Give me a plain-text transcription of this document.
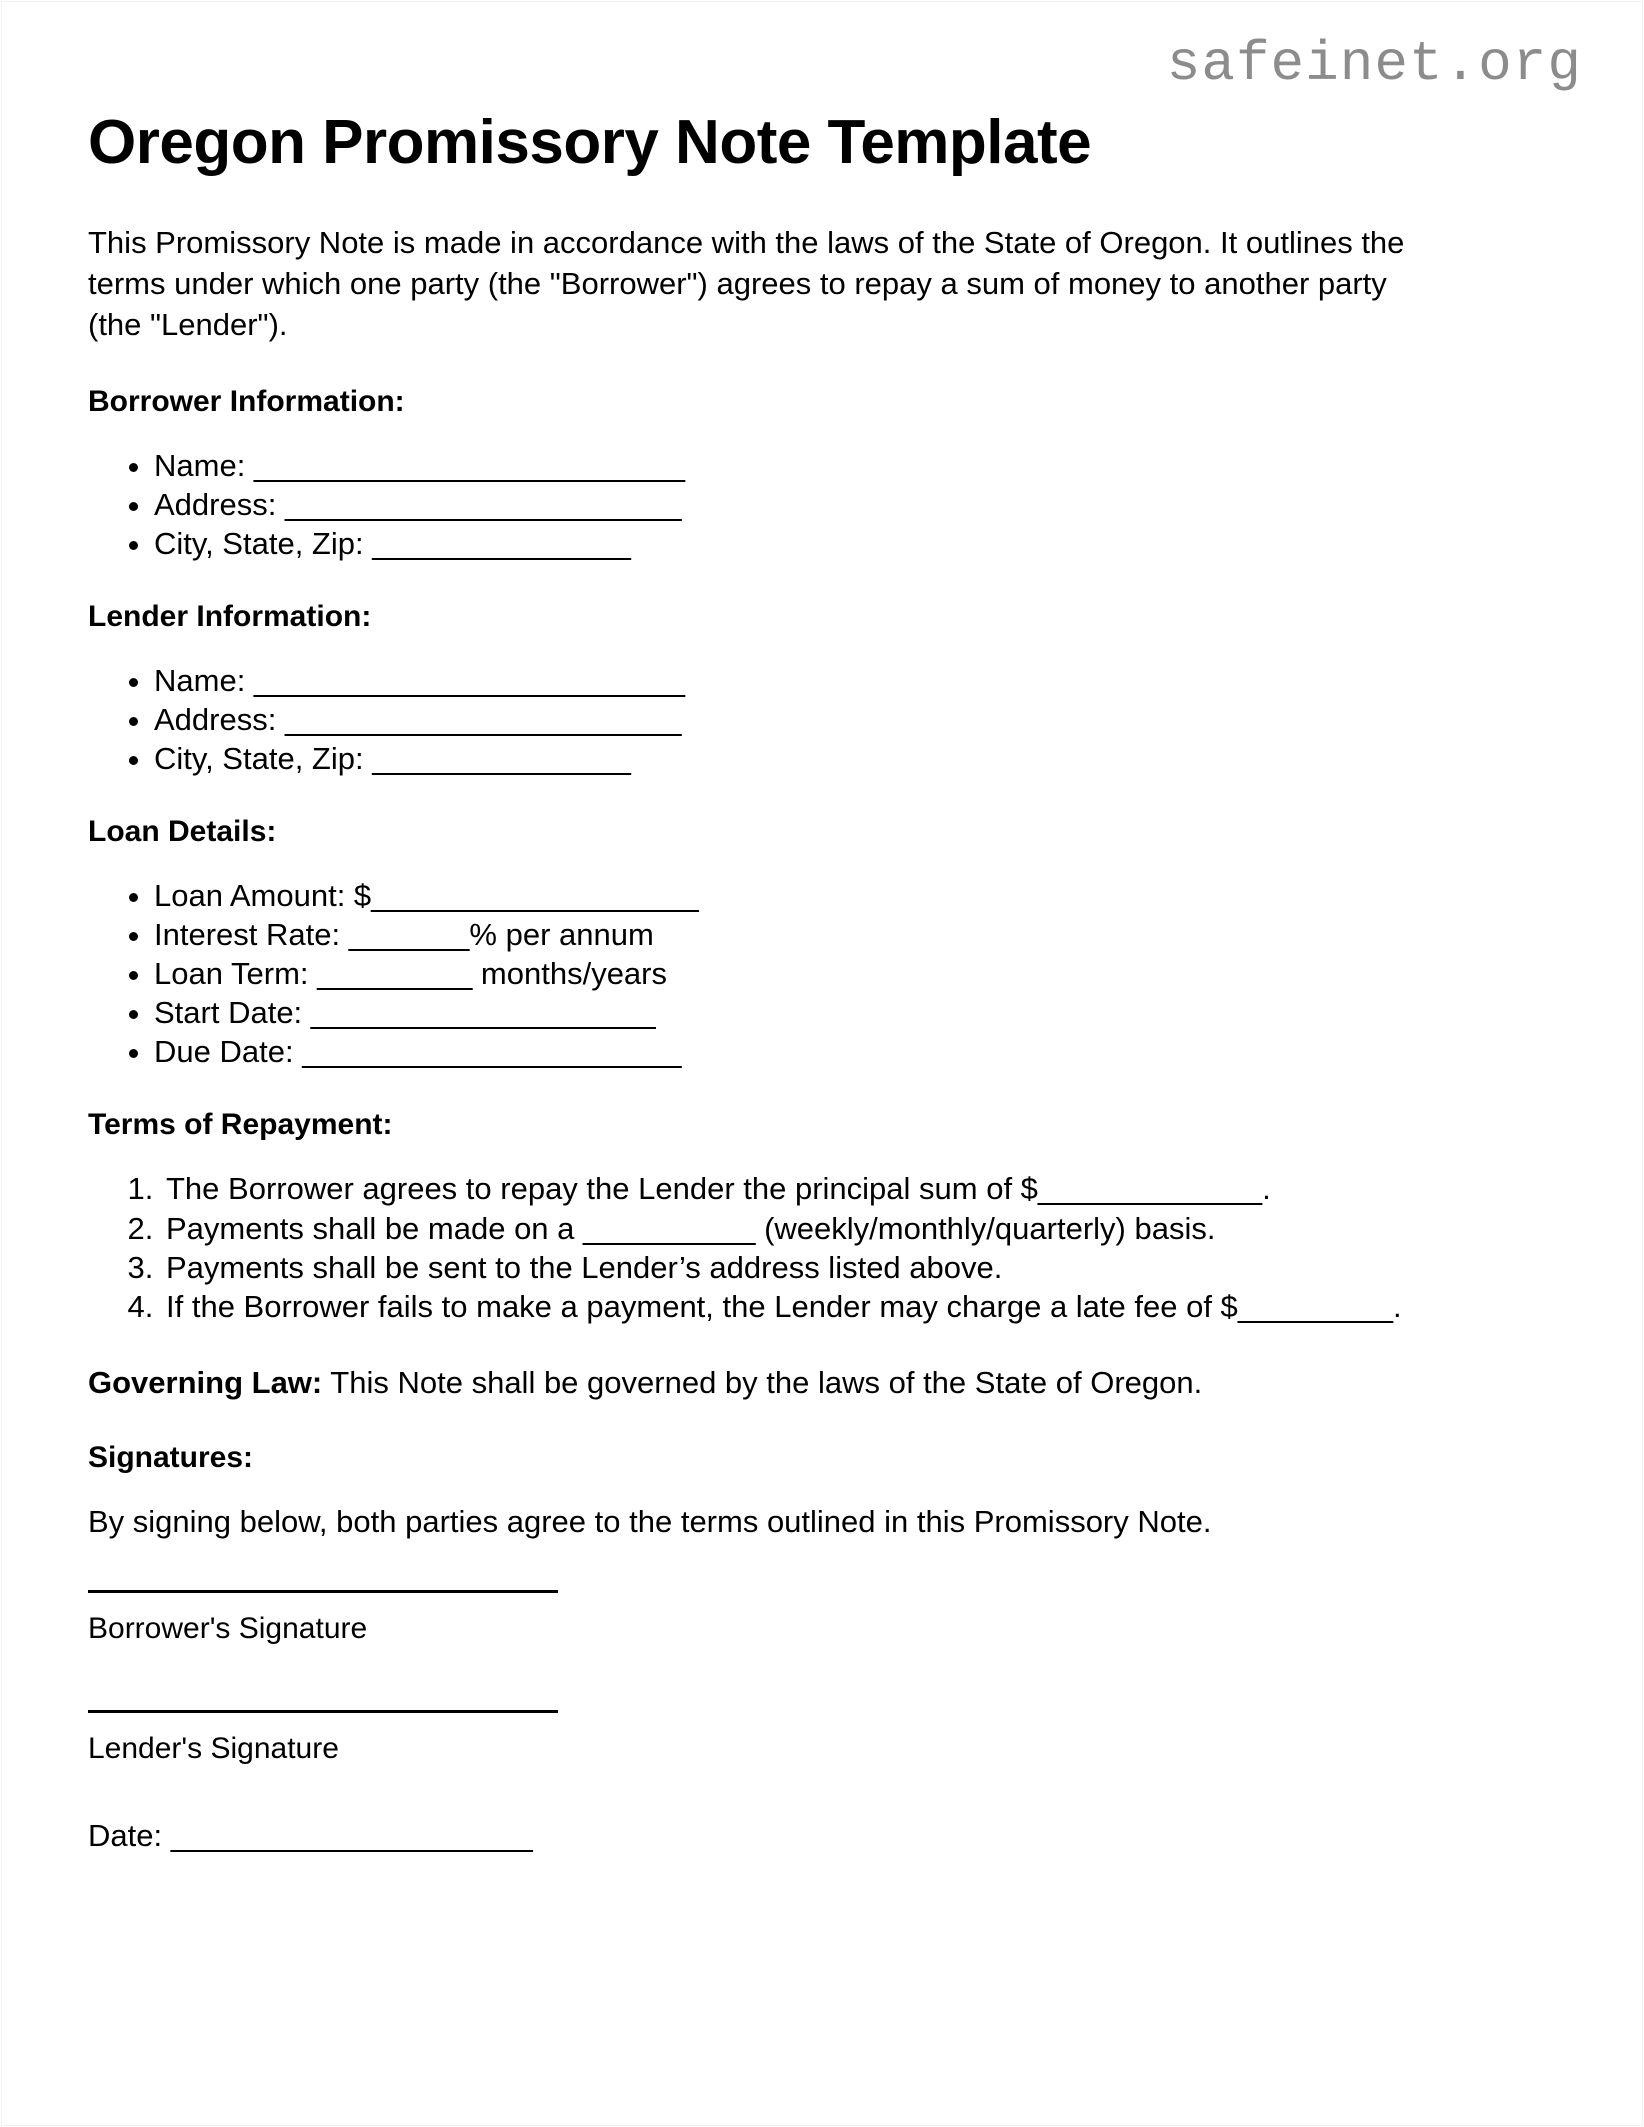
safeinet.org
Oregon Promissory Note Template

This Promissory Note is made in accordance with the laws of the State of Oregon. It outlines the terms under which one party (the "Borrower") agrees to repay a sum of money to another party (the "Lender").

Borrower Information:
• Name: _________________________
• Address: _______________________
• City, State, Zip: _______________
Lender Information:
• Name: _________________________
• Address: _______________________
• City, State, Zip: _______________
Loan Details:
• Loan Amount: $___________________
• Interest Rate: _______% per annum
• Loan Term: _________ months/years
• Start Date: ____________________
• Due Date: ______________________
Terms of Repayment:
1. The Borrower agrees to repay the Lender the principal sum of $_____________.
2. Payments shall be made on a __________ (weekly/monthly/quarterly) basis.
3. Payments shall be sent to the Lender’s address listed above.
4. If the Borrower fails to make a payment, the Lender may charge a late fee of $_________.

Governing Law: This Note shall be governed by the laws of the State of Oregon.

Signatures:

By signing below, both parties agree to the terms outlined in this Promissory Note.

Borrower's Signature

Lender's Signature

Date: _____________________
